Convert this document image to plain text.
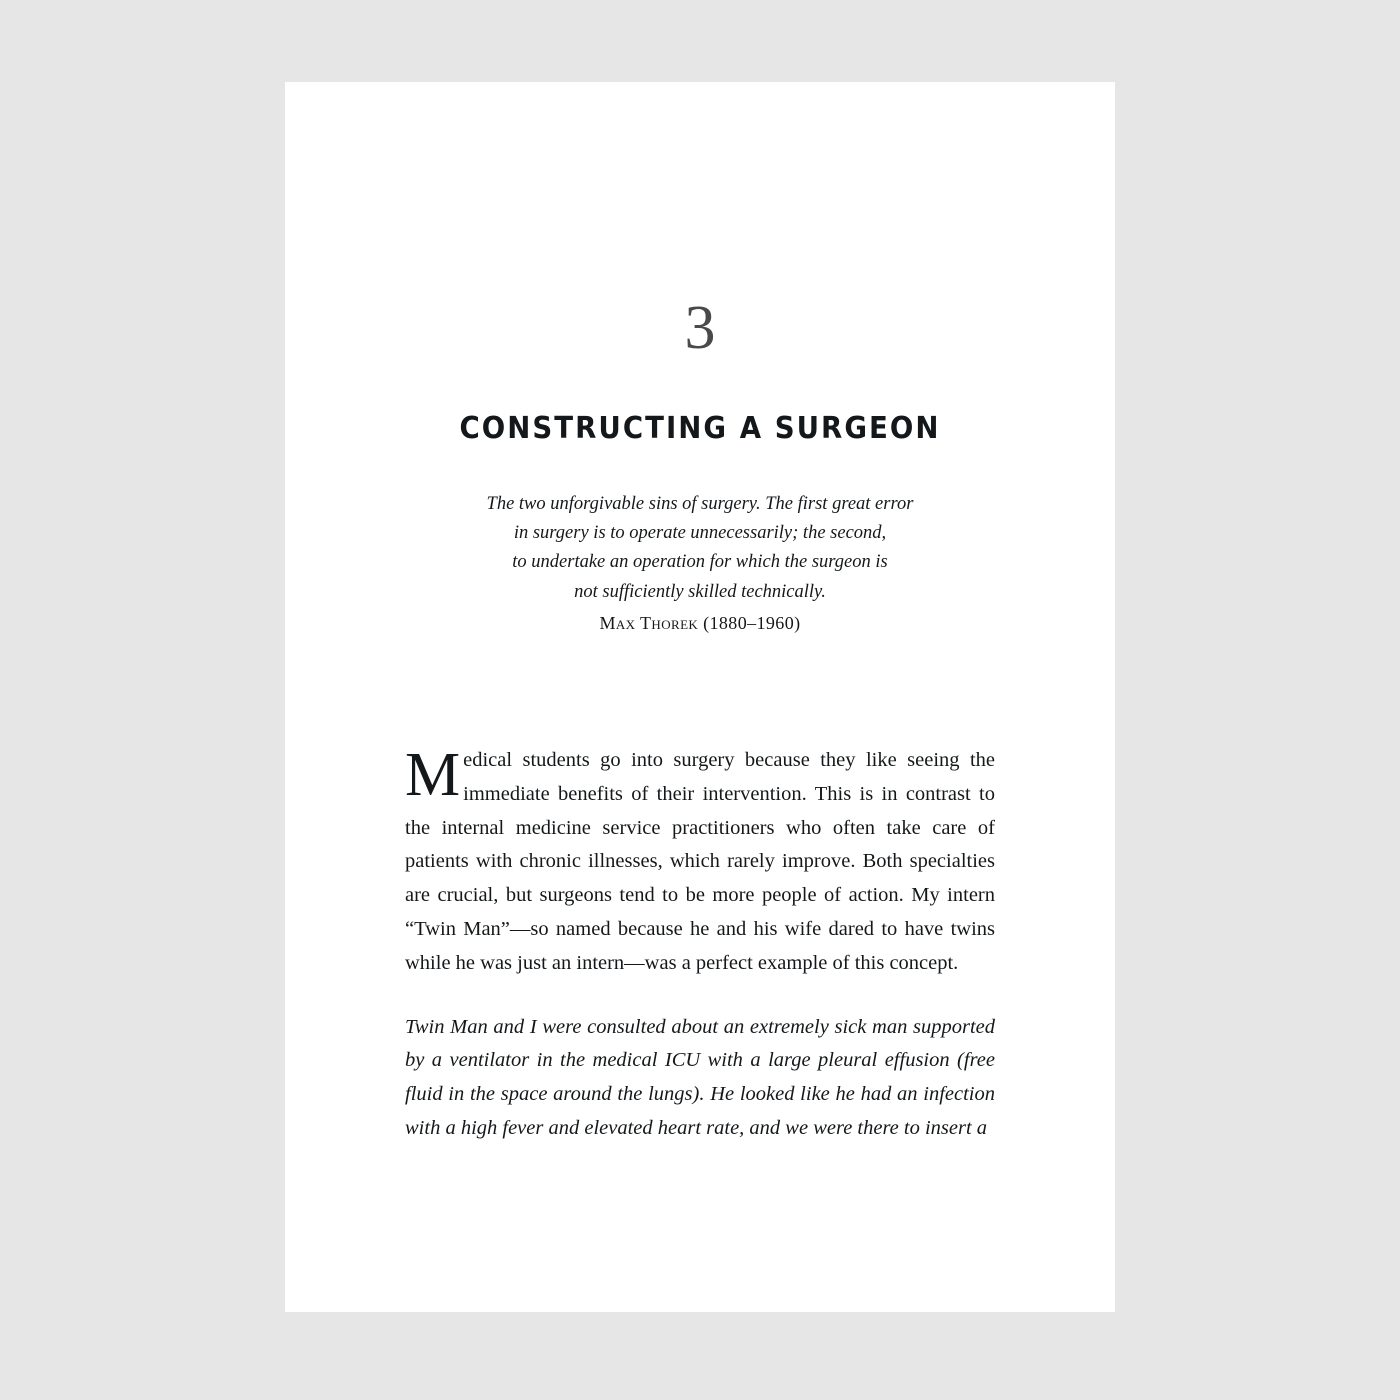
3
CONSTRUCTING A SURGEON
The two unforgivable sins of surgery. The first great error
in surgery is to operate unnecessarily; the second,
to undertake an operation for which the surgeon is
not sufficiently skilled technically.
Max Thorek (1880–1960)

Medical students go into surgery because they like seeing the immediate benefits of their intervention. This is in contrast to the internal medicine service practitioners who often take care of patients with chronic illnesses, which rarely improve. Both specialties are crucial, but surgeons tend to be more people of action. My intern “Twin Man”—so named because he and his wife dared to have twins while he was just an intern—was a perfect example of this concept.

Twin Man and I were consulted about an extremely sick man supported by a ventilator in the medical ICU with a large pleural effusion (free fluid in the space around the lungs). He looked like he had an infection with a high fever and elevated heart rate, and we were there to insert a
